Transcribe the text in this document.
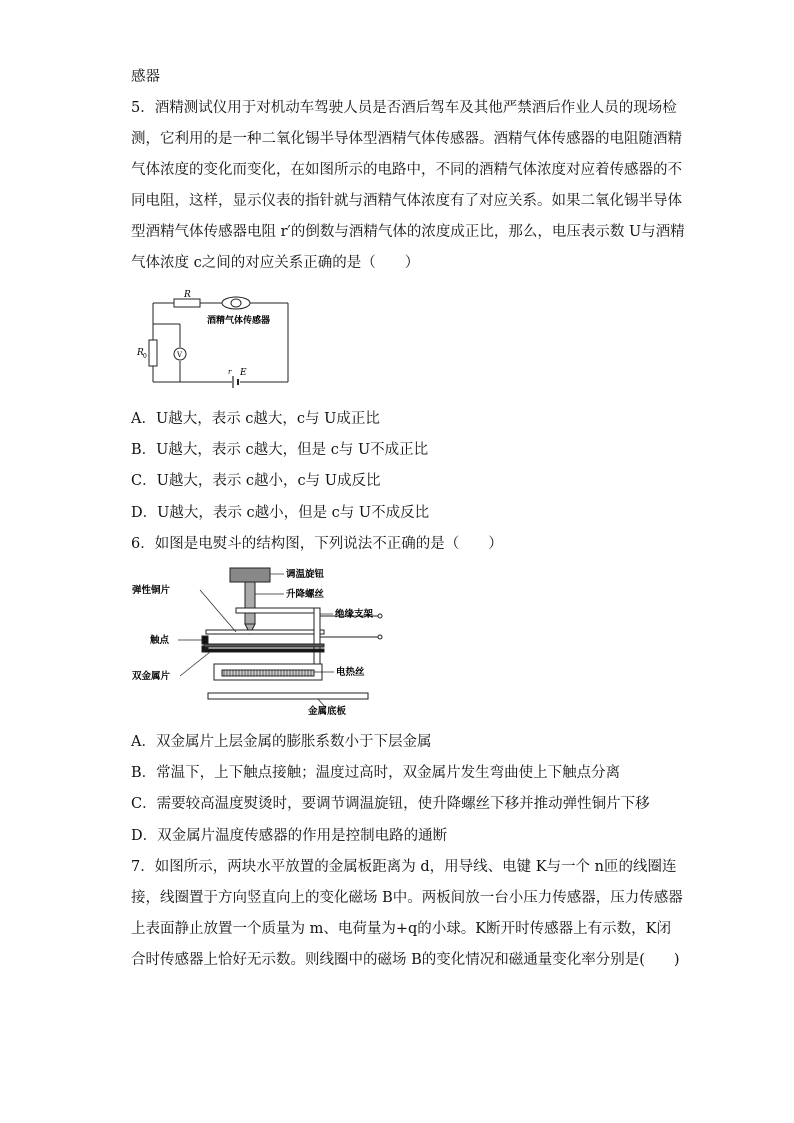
感器
5．酒精测试仪用于对机动车驾驶人员是否酒后驾车及其他严禁酒后作业人员的现场检
测，它利用的是一种二氧化锡半导体型酒精气体传感器。酒精气体传感器的电阻随酒精
气体浓度的变化而变化，在如图所示的电路中，不同的酒精气体浓度对应着传感器的不
同电阻，这样，显示仪表的指针就与酒精气体浓度有了对应关系。如果二氧化锡半导体
型酒精气体传感器电阻 r′的倒数与酒精气体的浓度成正比，那么，电压表示数 U与酒精
气体浓度 c之间的对应关系正确的是（　　）
R
酒精气体传感器
R 0	V
r E
A．U越大，表示 c越大，c与 U成正比
B．U越大，表示 c越大，但是 c与 U不成正比
C．U越大，表示 c越小，c与 U成反比
D．U越大，表示 c越小，但是 c与 U不成反比
6．如图是电熨斗的结构图，下列说法不正确的是（　　）
调温旋钮
升降螺丝
弹性铜片
绝缘支架
触点
双金属片	电热丝
金属底板
A．双金属片上层金属的膨胀系数小于下层金属
B．常温下，上下触点接触；温度过高时，双金属片发生弯曲使上下触点分离
C．需要较高温度熨烫时，要调节调温旋钮，使升降螺丝下移并推动弹性铜片下移
D．双金属片温度传感器的作用是控制电路的通断
7．如图所示，两块水平放置的金属板距离为 d，用导线、电键 K与一个 n匝的线圈连
接，线圈置于方向竖直向上的变化磁场 B中。两板间放一台小压力传感器，压力传感器
上表面静止放置一个质量为 m、电荷量为+q的小球。K断开时传感器上有示数，K闭
合时传感器上恰好无示数。则线圈中的磁场 B的变化情况和磁通量变化率分别是(　　)
